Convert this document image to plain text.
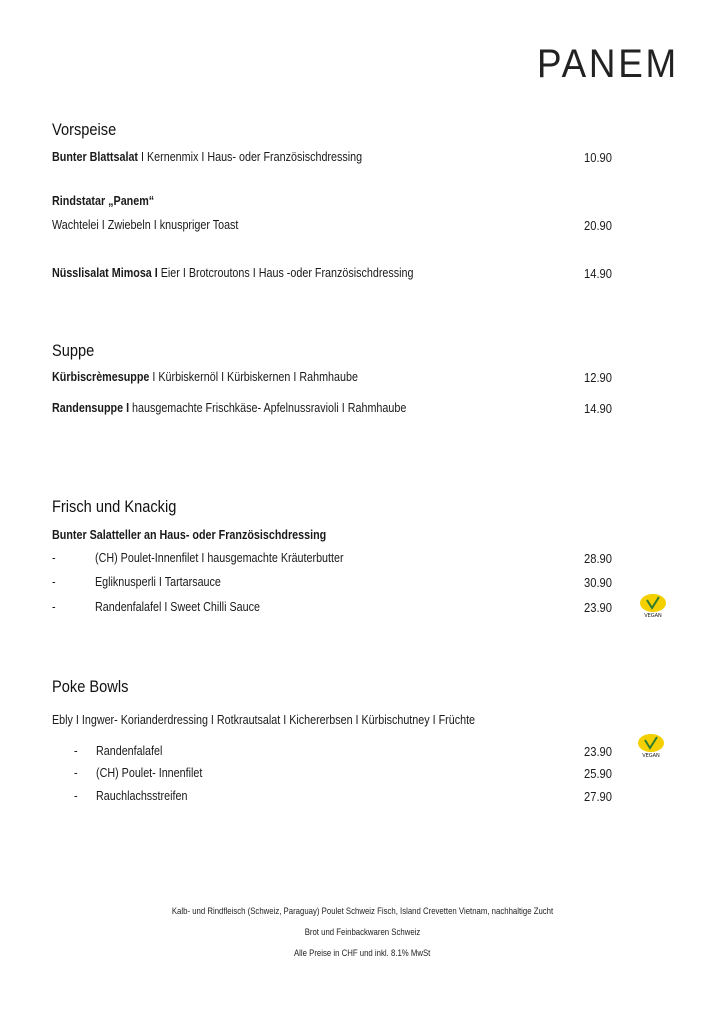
PANEM
Vorspeise
Bunter Blattsalat I Kernenmix I Haus- oder Französischdressing	10.90
Rindstatar „Panem“
Wachtelei I Zwiebeln I knuspriger Toast	20.90
Nüsslisalat Mimosa I Eier I Brotcroutons I Haus -oder Französischdressing	14.90
Suppe
Kürbiscrèmesuppe I Kürbiskernöl I Kürbiskernen I Rahmhaube	12.90
Randensuppe I hausgemachte Frischkäse- Apfelnussravioli I Rahmhaube	14.90
Frisch und Knackig
Bunter Salatteller an Haus- oder Französischdressing
-	(CH) Poulet-Innenfilet I hausgemachte Kräuterbutter	28.90
-	Egliknusperli I Tartarsauce	30.90
-	Randenfalafel I Sweet Chilli Sauce	23.90
VEGAN
Poke Bowls
Ebly I Ingwer- Korianderdressing I Rotkrautsalat I Kichererbsen I Kürbischutney I Früchte
- Randenfalafel	23.90
- (CH) Poulet- Innenfilet	25.90
- Rauchlachsstreifen	27.90
VEGAN
Kalb- und Rindfleisch (Schweiz, Paraguay) Poulet Schweiz Fisch, Island Crevetten Vietnam, nachhaltige Zucht
Brot und Feinbackwaren Schweiz
Alle Preise in CHF und inkl. 8.1% MwSt
